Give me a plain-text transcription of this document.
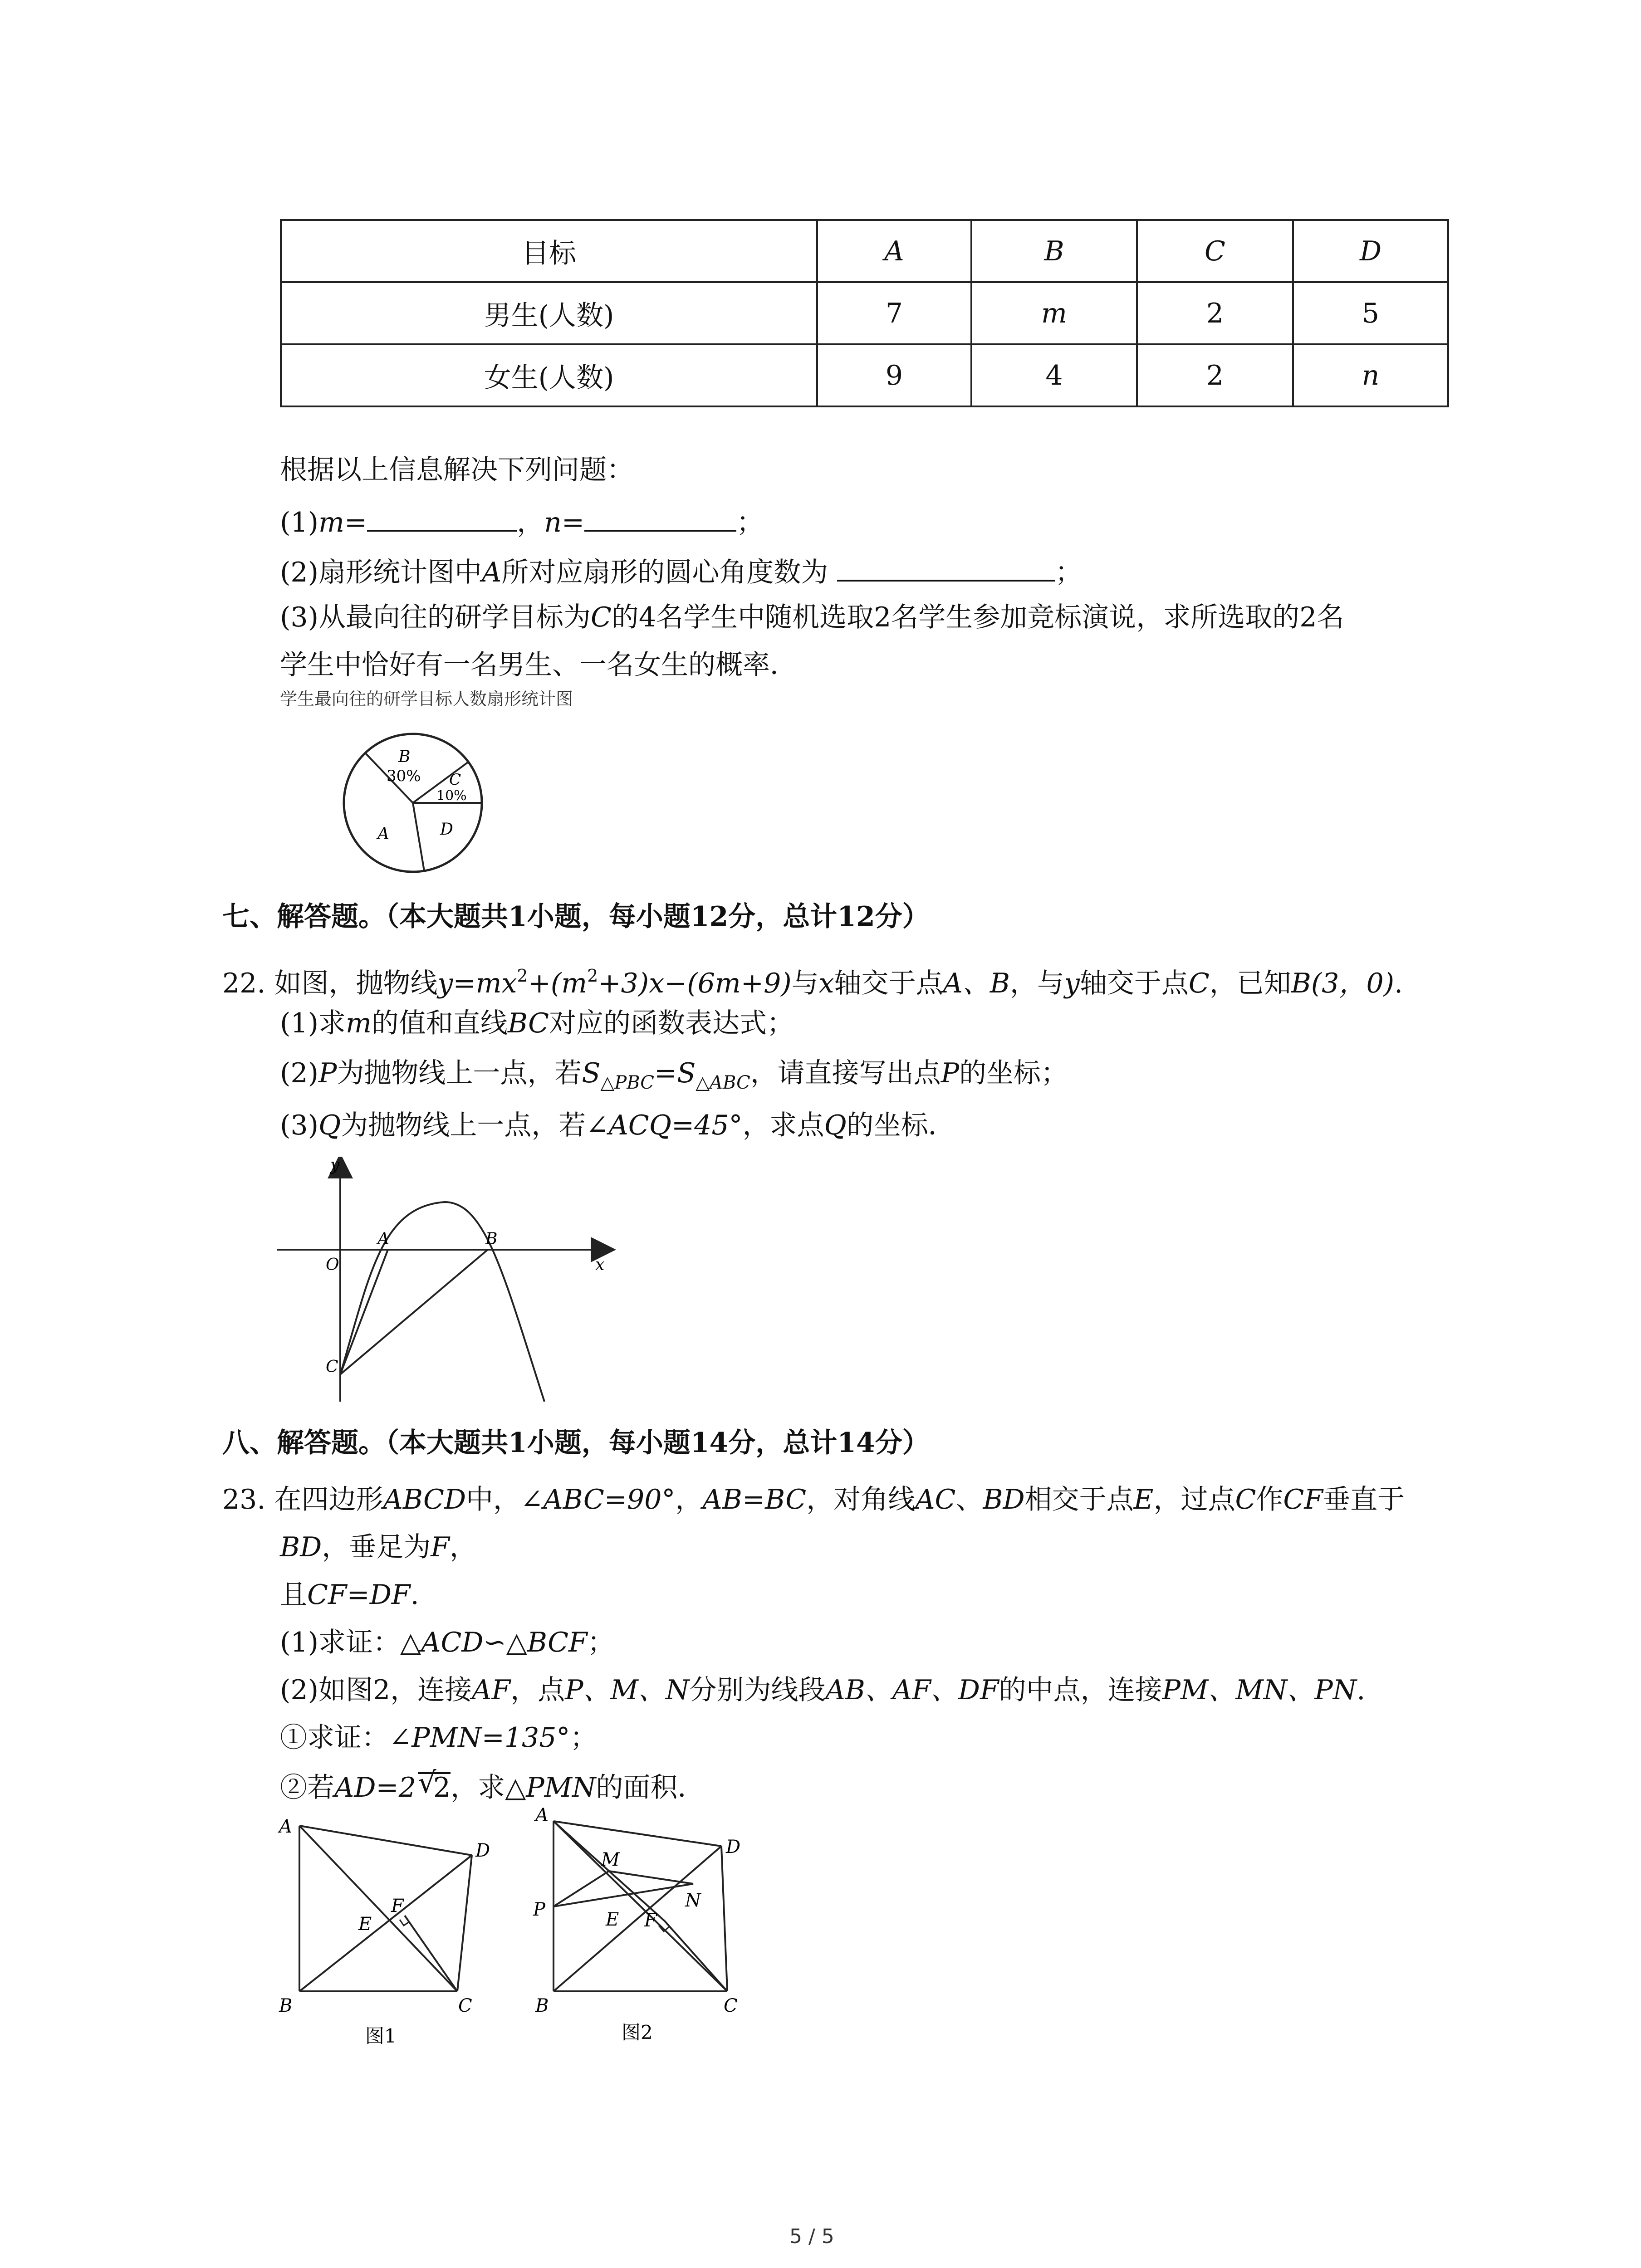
目标	A	B	C	D
男生(人数)	7	m	2	5
女生(人数)	9	4	2	n
根据以上信息解决下列问题：
(1)m=	，n=	；
(2)扇形统计图中A所对应扇形的圆心角度数为	；
(3)从最向往的研学目标为C的4名学生中随机选取2名学生参加竞标演说，求所选取的2名
学生中恰好有一名男生、一名女生的概率．
学生最向往的研学目标人数扇形统计图
B
30% C
10%
A	D
七、解答题。（本大题共1小题，每小题12分，总计12分）
22. 如图，抛物线$y=mx^2+(m^2+3)x-(6m+9)$与x轴交于点A、B，与y轴交于点C，已知B(3，0).
(1)求m的值和直线BC对应的函数表达式；
(2)P为抛物线上一点，若$S_{\triangle PBC}=S_{\triangle ABC}$，请直接写出点P的坐标；
(3)Q为抛物线上一点，若∠ACQ=45°，求点Q的坐标．
y
x
O
A	B
C
八、解答题。（本大题共1小题，每小题14分，总计14分）
23. 在四边形ABCD中，∠ABC=90°，AB=BC，对角线AC、BD相交于点E，过点C作CF垂直于
BD，垂足为F，
且CF=DF.
(1)求证：△ACD∽△BCF；
(2)如图2，连接AF，点P、M、N分别为线段AB、AF、DF的中点，连接PM、MN、PN.
①求证：∠PMN=135°；
②若AD=2 √
2，求△PMN的面积．
A
D
B	C
E
F
图1
A
M
D
P	N
E F
B	C
图2
5 / 5
